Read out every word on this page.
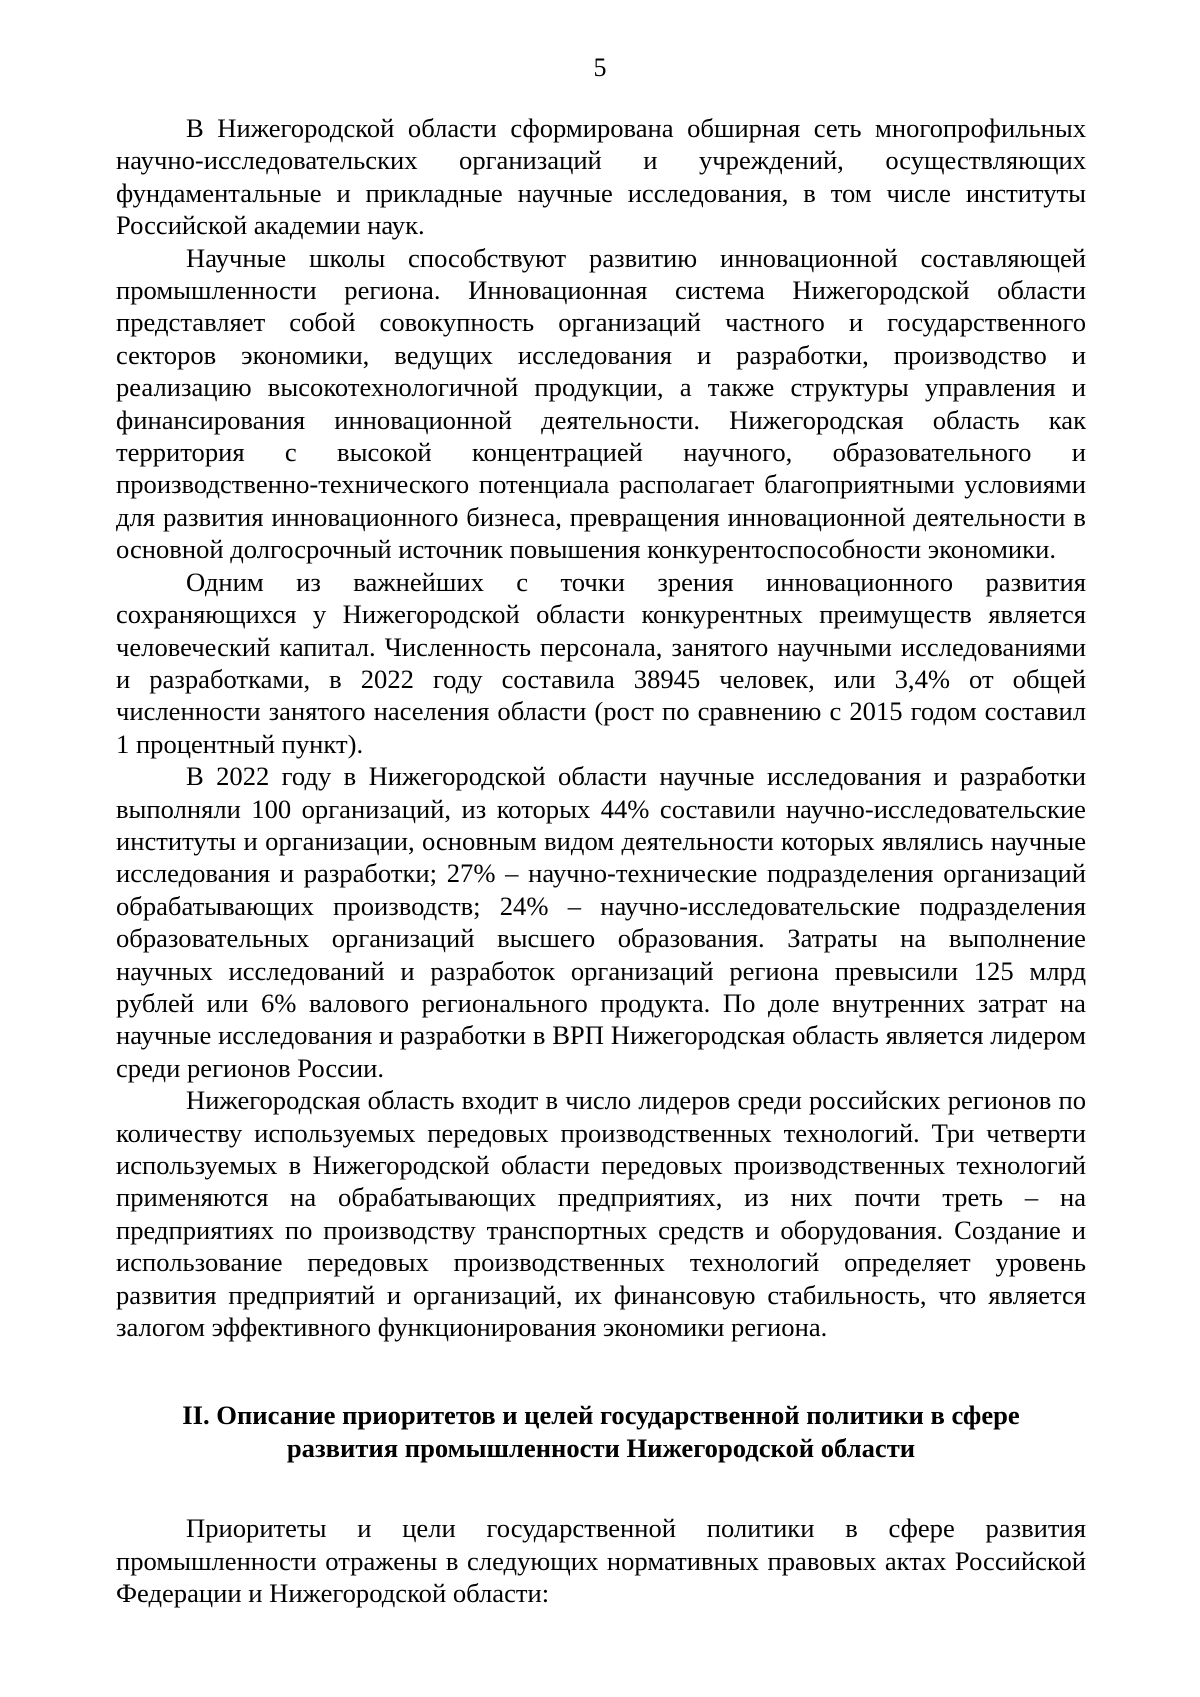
5

В Нижегородской области сформирована обширная сеть многопрофильных научно-исследовательских организаций и учреждений, осуществляющих фундаментальные и прикладные научные исследования, в том числе институты Российской академии наук.

Научные школы способствуют развитию инновационной составляющей промышленности региона. Инновационная система Нижегородской области представляет собой совокупность организаций частного и государственного секторов экономики, ведущих исследования и разработки, производство и реализацию высокотехнологичной продукции, а также структуры управления и финансирования инновационной деятельности. Нижегородская область как территория с высокой концентрацией научного, образовательного и производственно-технического потенциала располагает благоприятными условиями для развития инновационного бизнеса, превращения инновационной деятельности в основной долгосрочный источник повышения конкурентоспособности экономики.

Одним из важнейших с точки зрения инновационного развития сохраняющихся у Нижегородской области конкурентных преимуществ является человеческий капитал. Численность персонала, занятого научными исследованиями и разработками, в 2022 году составила 38945 человек, или 3,4% от общей численности занятого населения области (рост по сравнению с 2015 годом составил 1 процентный пункт).

В 2022 году в Нижегородской области научные исследования и разработки выполняли 100 организаций, из которых 44% составили научно-исследовательские институты и организации, основным видом деятельности которых являлись научные исследования и разработки; 27% – научно-технические подразделения организаций обрабатывающих производств; 24% – научно-исследовательские подразделения образовательных организаций высшего образования. Затраты на выполнение научных исследований и разработок организаций региона превысили 125 млрд рублей или 6% валового регионального продукта. По доле внутренних затрат на научные исследования и разработки в ВРП Нижегородская область является лидером среди регионов России.

Нижегородская область входит в число лидеров среди российских регионов по количеству используемых передовых производственных технологий. Три четверти используемых в Нижегородской области передовых производственных технологий применяются на обрабатывающих предприятиях, из них почти треть – на предприятиях по производству транспортных средств и оборудования. Создание и использование передовых производственных технологий определяет уровень развития предприятий и организаций, их финансовую стабильность, что является залогом эффективного функционирования экономики региона.

II. Описание приоритетов и целей государственной политики в сфере развития промышленности Нижегородской области

Приоритеты и цели государственной политики в сфере развития промышленности отражены в следующих нормативных правовых актах Российской Федерации и Нижегородской области:
